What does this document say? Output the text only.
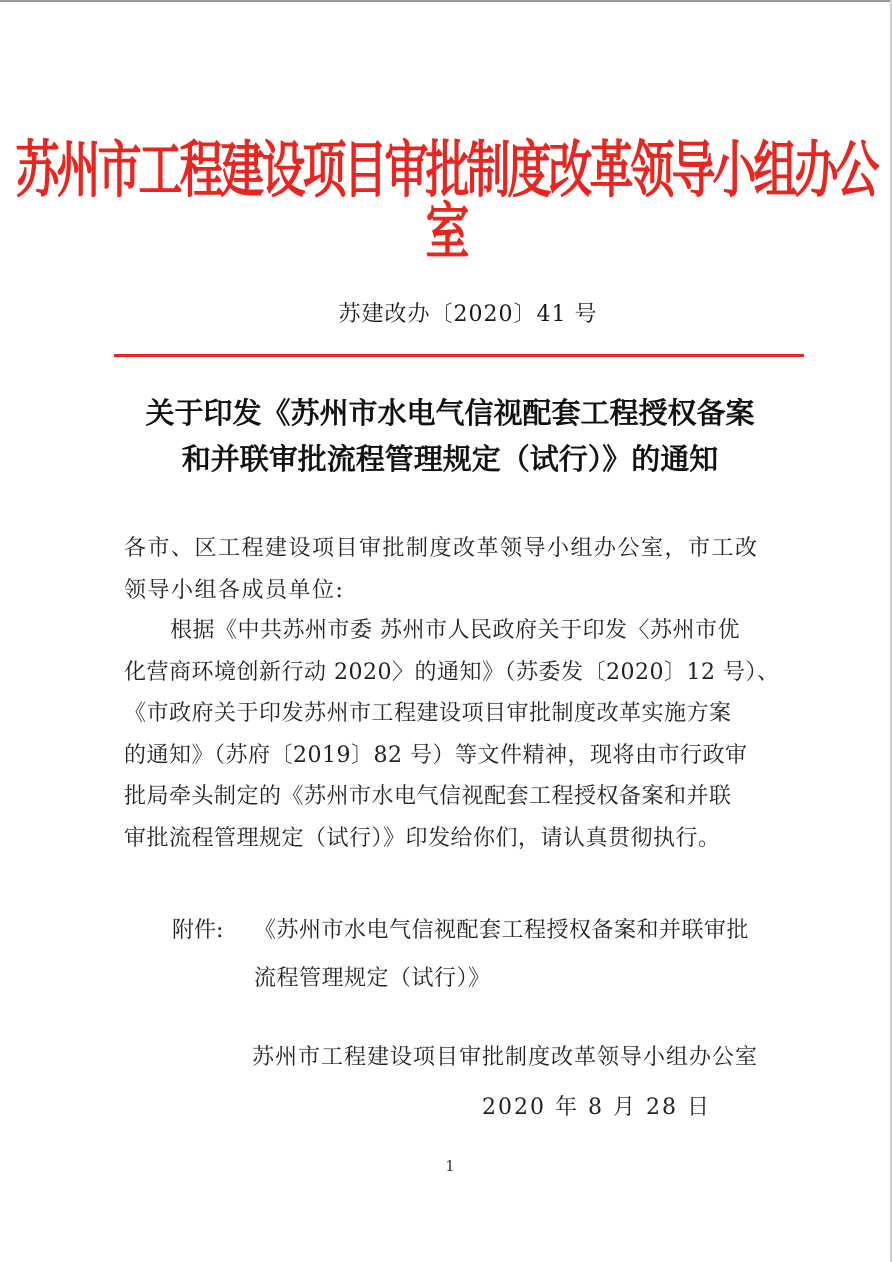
苏州市工程建设项目审批制度改革领导小组办公室
苏建改办〔2020〕41 号
关于印发《苏州市水电气信视配套工程授权备案
和并联审批流程管理规定（试行）》的通知
各市、区工程建设项目审批制度改革领导小组办公室，市工改
领导小组各成员单位:
根据《中共苏州市委 苏州市人民政府关于印发〈苏州市优
化营商环境创新行动 2020〉的通知》（苏委发〔2020〕12 号）、
《市政府关于印发苏州市工程建设项目审批制度改革实施方案
的通知》（苏府〔2019〕82 号）等文件精神，现将由市行政审
批局牵头制定的《苏州市水电气信视配套工程授权备案和并联
审批流程管理规定（试行）》印发给你们，请认真贯彻执行。
附件: 《苏州市水电气信视配套工程授权备案和并联审批
流程管理规定（试行）》
苏州市工程建设项目审批制度改革领导小组办公室
2020 年 8 月 28 日
1
